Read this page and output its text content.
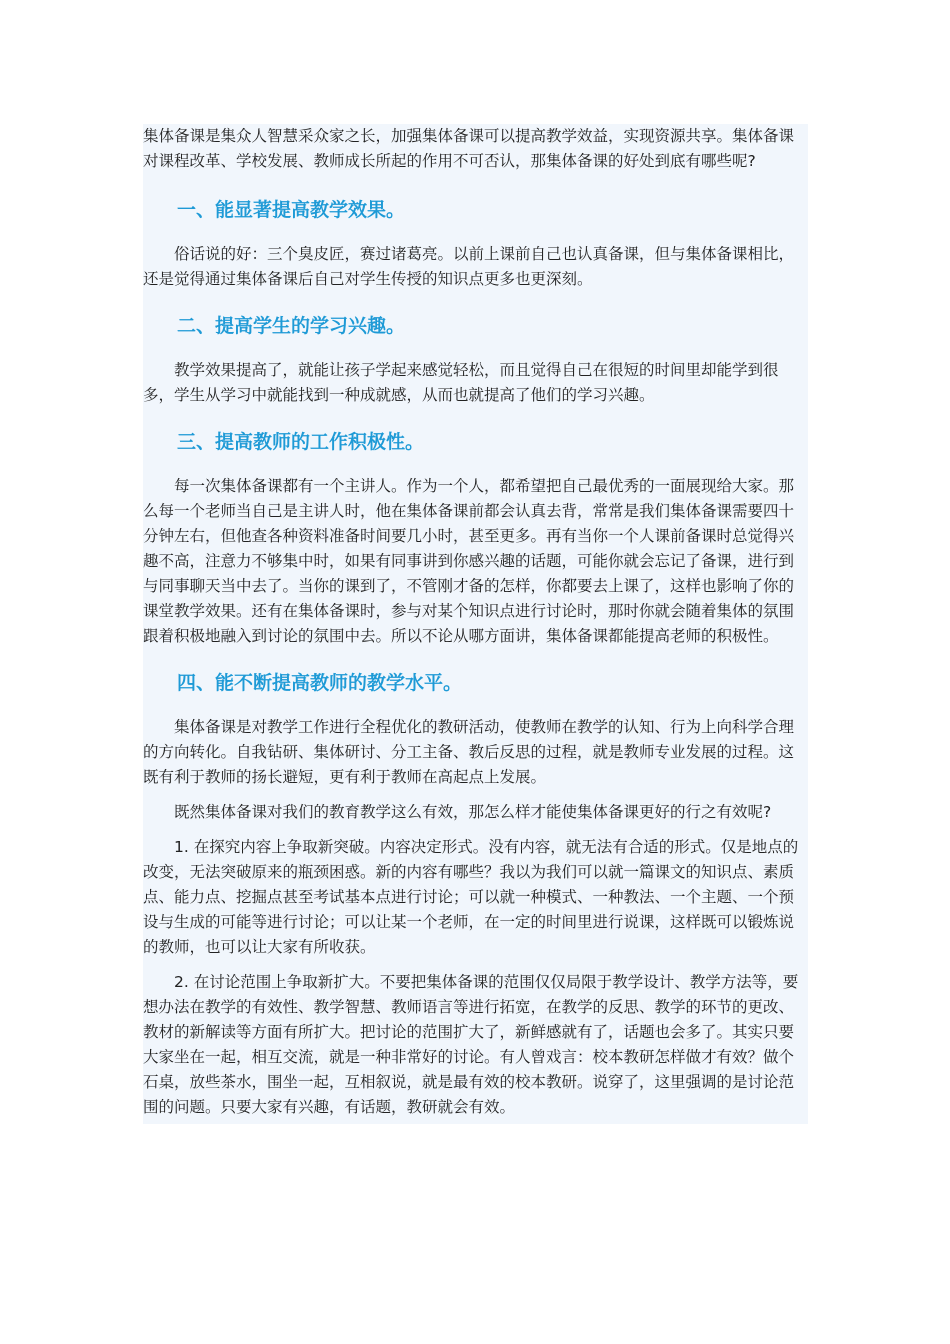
集体备课是集众人智慧采众家之长，加强集体备课可以提高教学效益，实现资源共享。集体备课对课程改革、学校发展、教师成长所起的作用不可否认，那集体备课的好处到底有哪些呢?

一、能显著提高教学效果。

俗话说的好：三个臭皮匠，赛过诸葛亮。以前上课前自己也认真备课，但与集体备课相比，还是觉得通过集体备课后自己对学生传授的知识点更多也更深刻。

二、提高学生的学习兴趣。

教学效果提高了，就能让孩子学起来感觉轻松，而且觉得自己在很短的时间里却能学到很多，学生从学习中就能找到一种成就感，从而也就提高了他们的学习兴趣。

三、提高教师的工作积极性。

每一次集体备课都有一个主讲人。作为一个人，都希望把自己最优秀的一面展现给大家。那么每一个老师当自己是主讲人时，他在集体备课前都会认真去背，常常是我们集体备课需要四十分钟左右，但他查各种资料准备时间要几小时，甚至更多。再有当你一个人课前备课时总觉得兴趣不高，注意力不够集中时，如果有同事讲到你感兴趣的话题，可能你就会忘记了备课，进行到与同事聊天当中去了。当你的课到了，不管刚才备的怎样，你都要去上课了，这样也影响了你的课堂教学效果。还有在集体备课时，参与对某个知识点进行讨论时，那时你就会随着集体的氛围跟着积极地融入到讨论的氛围中去。所以不论从哪方面讲，集体备课都能提高老师的积极性。

四、能不断提高教师的教学水平。

集体备课是对教学工作进行全程优化的教研活动，使教师在教学的认知、行为上向科学合理的方向转化。自我钻研、集体研讨、分工主备、教后反思的过程，就是教师专业发展的过程。这既有利于教师的扬长避短，更有利于教师在高起点上发展。

既然集体备课对我们的教育教学这么有效，那怎么样才能使集体备课更好的行之有效呢?

1. 在探究内容上争取新突破。内容决定形式。没有内容，就无法有合适的形式。仅是地点的改变，无法突破原来的瓶颈困惑。新的内容有哪些？我以为我们可以就一篇课文的知识点、素质点、能力点、挖掘点甚至考试基本点进行讨论；可以就一种模式、一种教法、一个主题、一个预设与生成的可能等进行讨论；可以让某一个老师，在一定的时间里进行说课，这样既可以锻炼说的教师，也可以让大家有所收获。

2. 在讨论范围上争取新扩大。不要把集体备课的范围仅仅局限于教学设计、教学方法等，要想办法在教学的有效性、教学智慧、教师语言等进行拓宽，在教学的反思、教学的环节的更改、教材的新解读等方面有所扩大。把讨论的范围扩大了，新鲜感就有了，话题也会多了。其实只要大家坐在一起，相互交流，就是一种非常好的讨论。有人曾戏言：校本教研怎样做才有效？做个石桌，放些茶水，围坐一起，互相叙说，就是最有效的校本教研。说穿了，这里强调的是讨论范围的问题。只要大家有兴趣，有话题，教研就会有效。
